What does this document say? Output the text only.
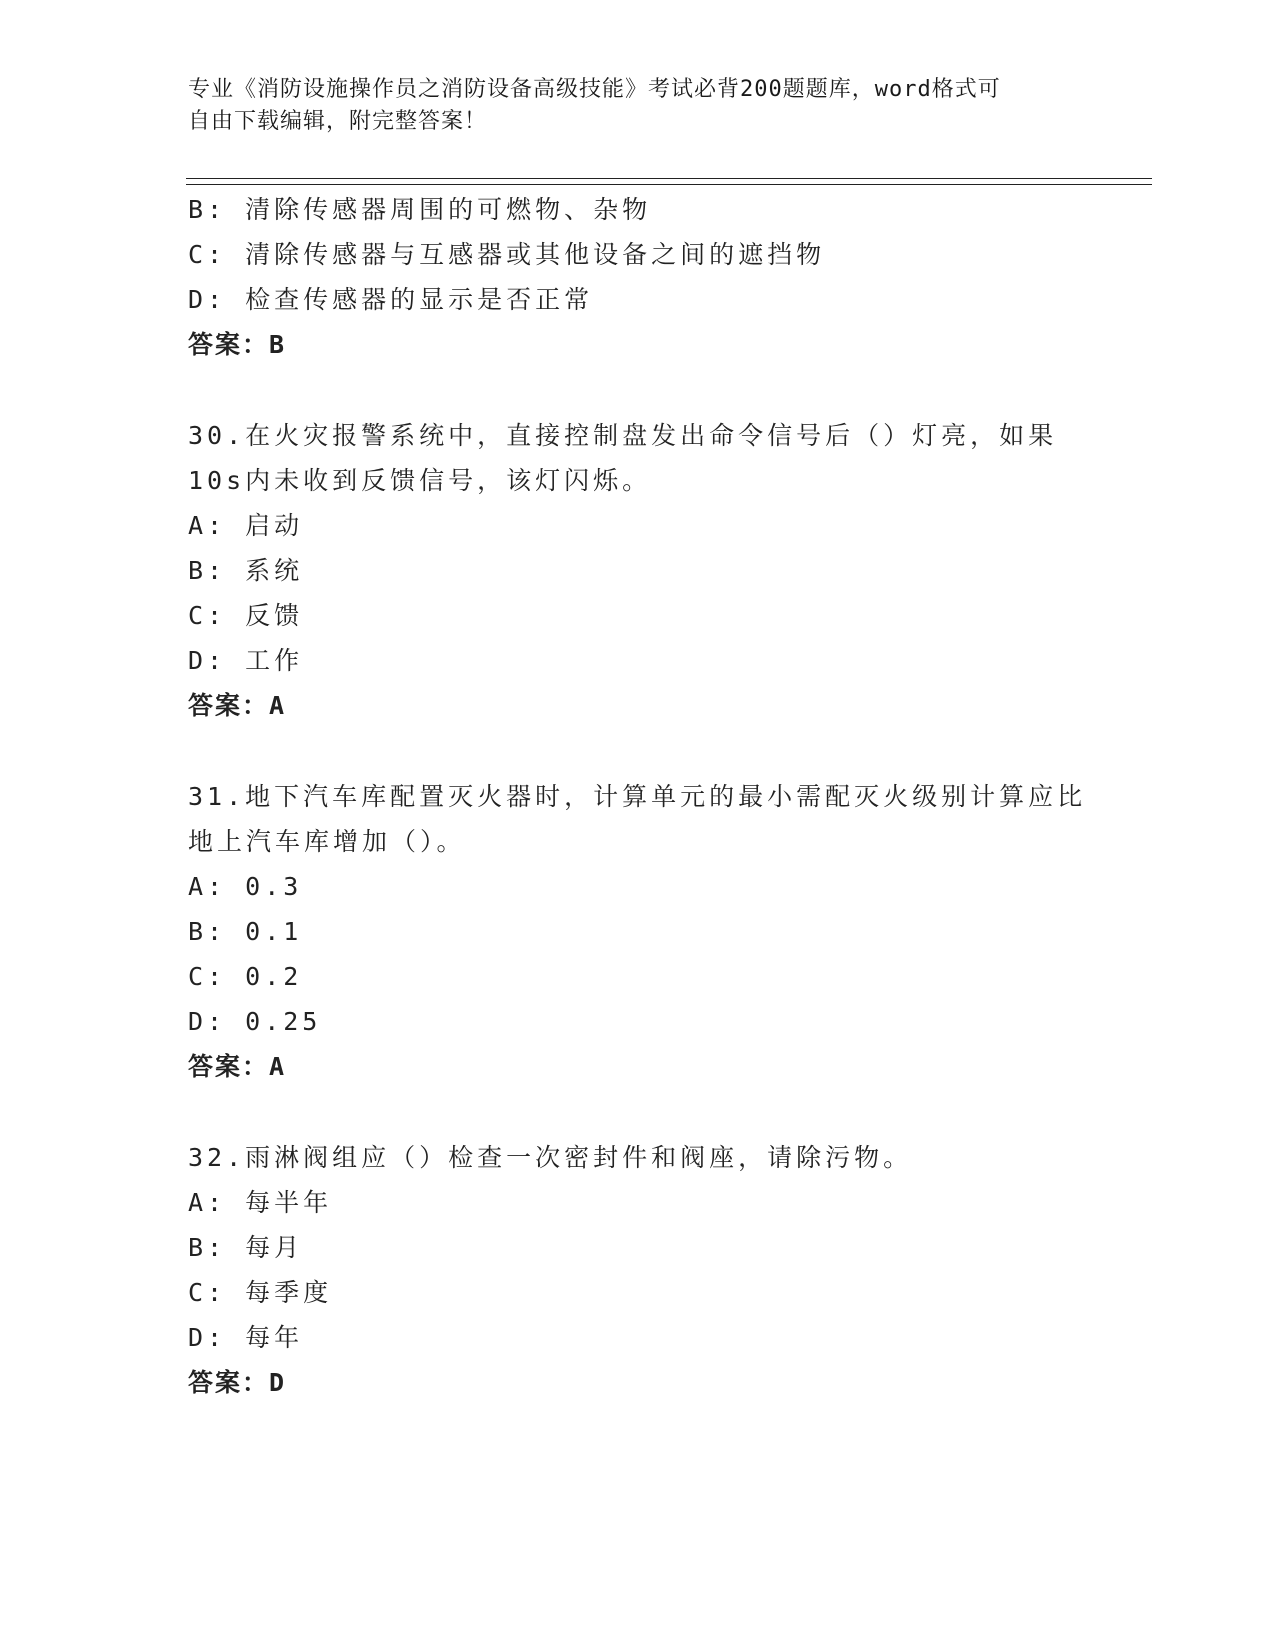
专业《消防设施操作员之消防设备高级技能》考试必背200题题库，word格式可
自由下载编辑，附完整答案！
B: 清除传感器周围的可燃物、杂物
C: 清除传感器与互感器或其他设备之间的遮挡物
D: 检查传感器的显示是否正常
答案：B
30.在火灾报警系统中，直接控制盘发出命令信号后（）灯亮，如果
10s内未收到反馈信号，该灯闪烁。
A: 启动
B: 系统
C: 反馈
D: 工作
答案：A
31.地下汽车库配置灭火器时，计算单元的最小需配灭火级别计算应比
地上汽车库增加（）。
A: 0.3
B: 0.1
C: 0.2
D: 0.25
答案：A
32.雨淋阀组应（）检查一次密封件和阀座，请除污物。
A: 每半年
B: 每月
C: 每季度
D: 每年
答案：D
